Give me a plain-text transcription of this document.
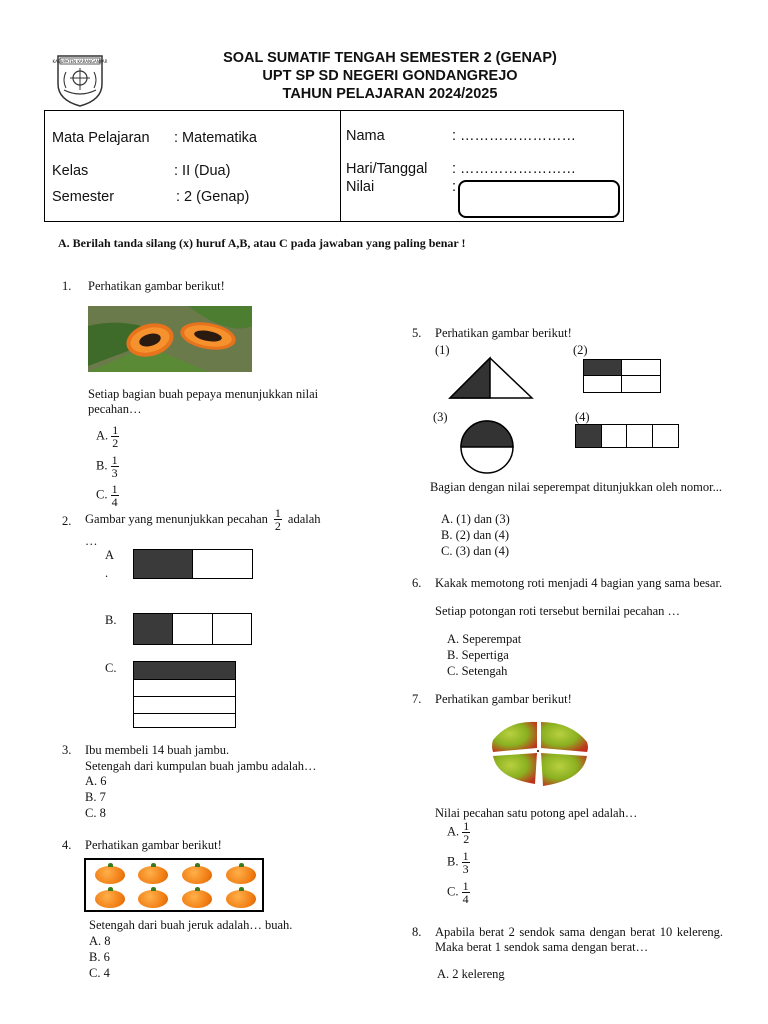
KABUPATEN KARANGANYAR	SOAL SUMATIF TENGAH SEMESTER 2 (GENAP)
UPT SP SD NEGERI GONDANGREJO
TAHUN PELAJARAN 2024/2025
Mata Pelajaran : Matematika
Kelas	: II (Dua)
Semester	: 2 (Genap)
Nama	: ……………………
Hari/Tanggal : ……………………
Nilai	:
A. Berilah tanda silang (x) huruf A,B, atau C pada jawaban yang paling benar !
1. Perhatikan gambar berikut!
Setiap bagian buah pepaya menunjukkan nilai pecahan…
A. $\frac{1}{2}$
B. $\frac{1}{3}$
C. $\frac{1}{4}$
2. Gambar yang menunjukkan pecahan $\frac{1}{2}$ adalah
…
A
.
B.
C.
3. Ibu membeli 14 buah jambu.
Setengah dari kumpulan buah jambu adalah…
A. 6
B. 7
C. 8
4. Perhatikan gambar berikut!
Setengah dari buah jeruk adalah… buah.
A. 8
B. 6
C. 4
5. Perhatikan gambar berikut!
(1)	(2)
(3)	(4)
Bagian dengan nilai seperempat ditunjukkan oleh nomor...
A. (1) dan (3)
B. (2) dan (4)
C. (3) dan (4)
6. Kakak memotong roti menjadi 4 bagian yang sama besar.
Setiap potongan roti tersebut bernilai pecahan …
A. Seperempat
B. Sepertiga
C. Setengah
7. Perhatikan gambar berikut!
Nilai pecahan satu potong apel adalah…
A. $\frac{1}{2}$
B. $\frac{1}{3}$
C. $\frac{1}{4}$
8. Apabila berat 2 sendok sama dengan berat 10 kelereng. Maka berat 1 sendok sama dengan berat…
A. 2 kelereng
